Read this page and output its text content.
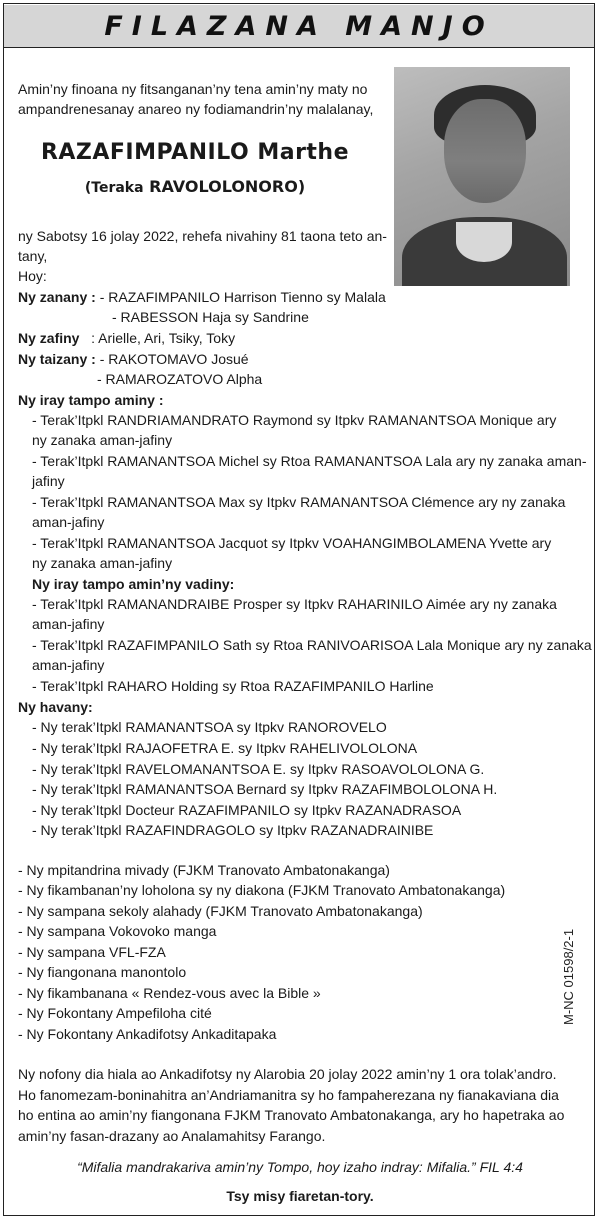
FILAZANA MANJO
Amin’ny finoana ny fitsanganan’ny tena amin’ny maty no
ampandrenesanay anareo ny fodiamandrin’ny malalanay,
RAZAFIMPANILO Marthe
(Teraka RAVOLOLONORO)
ny Sabotsy 16 jolay 2022, rehefa nivahiny 81 taona teto an-
tany,
Hoy:
Ny zanany : - RAZAFIMPANILO Harrison Tienno sy Malala
- RABESSON Haja sy Sandrine
Ny zafiny : Arielle, Ari, Tsiky, Toky
Ny taizany : - RAKOTOMAVO Josué
- RAMAROZATOVO Alpha
Ny iray tampo aminy :
- Terak’Itpkl RANDRIAMANDRATO Raymond sy Itpkv RAMANANTSOA Monique ary
ny zanaka aman-jafiny
- Terak’Itpkl RAMANANTSOA Michel sy Rtoa RAMANANTSOA Lala ary ny zanaka aman-
jafiny
- Terak’Itpkl RAMANANTSOA Max sy Itpkv RAMANANTSOA Clémence ary ny zanaka
aman-jafiny
- Terak’Itpkl RAMANANTSOA Jacquot sy Itpkv VOAHANGIMBOLAMENA Yvette ary
ny zanaka aman-jafiny
Ny iray tampo amin’ny vadiny:
- Terak’Itpkl RAMANANDRAIBE Prosper sy Itpkv RAHARINILO Aimée ary ny zanaka
aman-jafiny
- Terak’Itpkl RAZAFIMPANILO Sath sy Rtoa RANIVOARISOA Lala Monique ary ny zanaka
aman-jafiny
- Terak’Itpkl RAHARO Holding sy Rtoa RAZAFIMPANILO Harline
Ny havany:
- Ny terak’Itpkl RAMANANTSOA sy Itpkv RANOROVELO
- Ny terak’Itpkl RAJAOFETRA E. sy Itpkv RAHELIVOLOLONA
- Ny terak’Itpkl RAVELOMANANTSOA E. sy Itpkv RASOAVOLOLONA G.
- Ny terak’Itpkl RAMANANTSOA Bernard sy Itpkv RAZAFIMBOLOLONA H.
- Ny terak’Itpkl Docteur RAZAFIMPANILO sy Itpkv RAZANADRASOA
- Ny terak’Itpkl RAZAFINDRAGOLO sy Itpkv RAZANADRAINIBE
- Ny mpitandrina mivady (FJKM Tranovato Ambatonakanga)
- Ny fikambanan’ny loholona sy ny diakona (FJKM Tranovato Ambatonakanga)
- Ny sampana sekoly alahady (FJKM Tranovato Ambatonakanga)
- Ny sampana Vokovoko manga
- Ny sampana VFL-FZA
- Ny fiangonana manontolo
- Ny fikambanana « Rendez-vous avec la Bible »
- Ny Fokontany Ampefiloha cité
- Ny Fokontany Ankadifotsy Ankaditapaka
M-NC 01598/2-1
Ny nofony dia hiala ao Ankadifotsy ny Alarobia 20 jolay 2022 amin’ny 1 ora tolak’andro.
Ho fanomezam-boninahitra an’Andriamanitra sy ho fampaherezana ny fianakaviana dia
ho entina ao amin’ny fiangonana FJKM Tranovato Ambatonakanga, ary ho hapetraka ao
amin’ny fasan-drazany ao Analamahitsy Farango.
“Mifalia mandrakariva amin’ny Tompo, hoy izaho indray: Mifalia.” FIL 4:4
Tsy misy fiaretan-tory.
